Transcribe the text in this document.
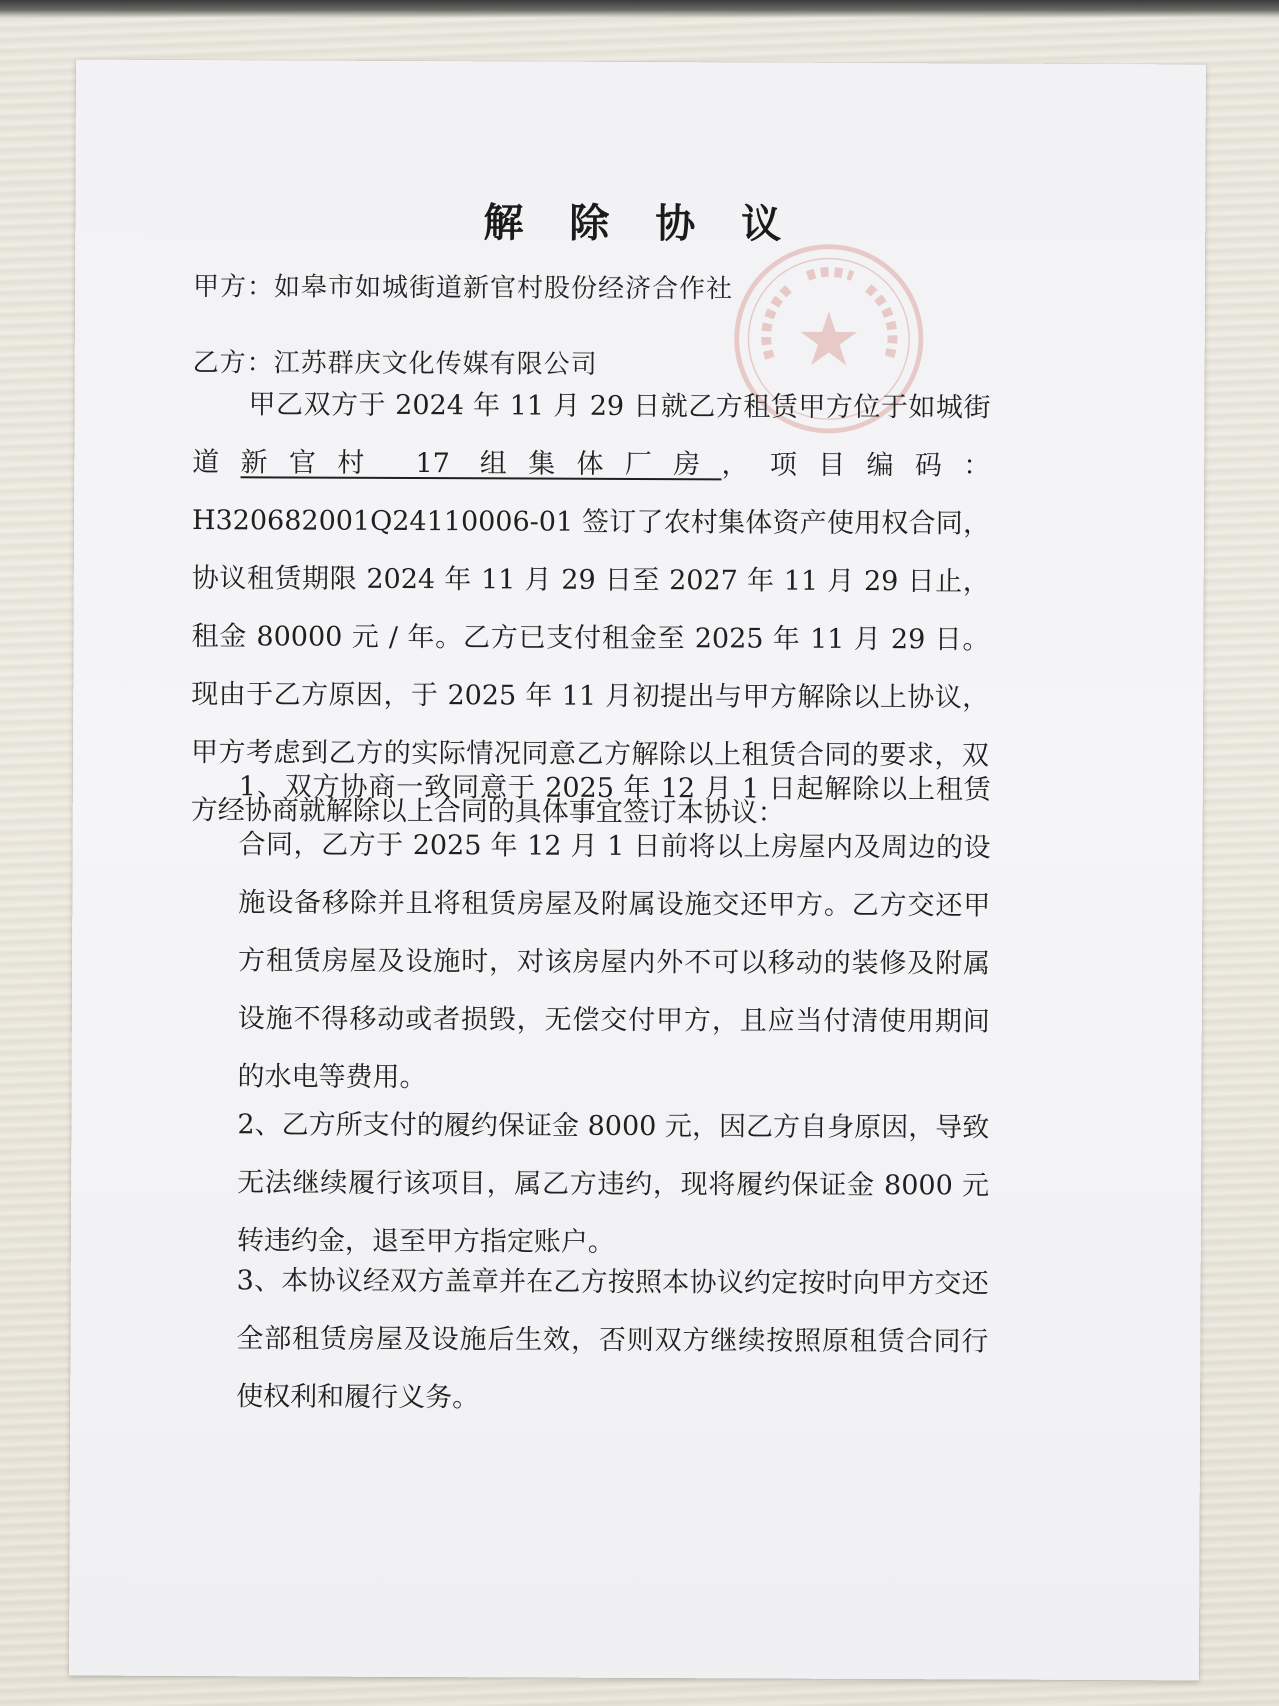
解 除 协 议
甲方：如皋市如城街道新官村股份经济合作社
乙方：江苏群庆文化传媒有限公司
甲乙双方于 2024 年 11 月 29 日就乙方租赁甲方位于如城街道新官村 17 组集体厂房，项目编码：H320682001Q24110006-01 签订了农村集体资产使用权合同，协议租赁期限 2024 年 11 月 29 日至 2027 年 11 月 29 日止，租金 80000 元 / 年。乙方已支付租金至 2025 年 11 月 29 日。现由于乙方原因，于 2025 年 11 月初提出与甲方解除以上协议，甲方考虑到乙方的实际情况同意乙方解除以上租赁合同的要求，双方经协商就解除以上合同的具体事宜签订本协议：
1、双方协商一致同意于 2025 年 12 月 1 日起解除以上租赁合同，乙方于 2025 年 12 月 1 日前将以上房屋内及周边的设施设备移除并且将租赁房屋及附属设施交还甲方。乙方交还甲方租赁房屋及设施时，对该房屋内外不可以移动的装修及附属设施不得移动或者损毁，无偿交付甲方，且应当付清使用期间的水电等费用。
2、乙方所支付的履约保证金 8000 元，因乙方自身原因，导致无法继续履行该项目，属乙方违约，现将履约保证金 8000 元转违约金，退至甲方指定账户。
3、本协议经双方盖章并在乙方按照本协议约定按时向甲方交还全部租赁房屋及设施后生效，否则双方继续按照原租赁合同行使权利和履行义务。
